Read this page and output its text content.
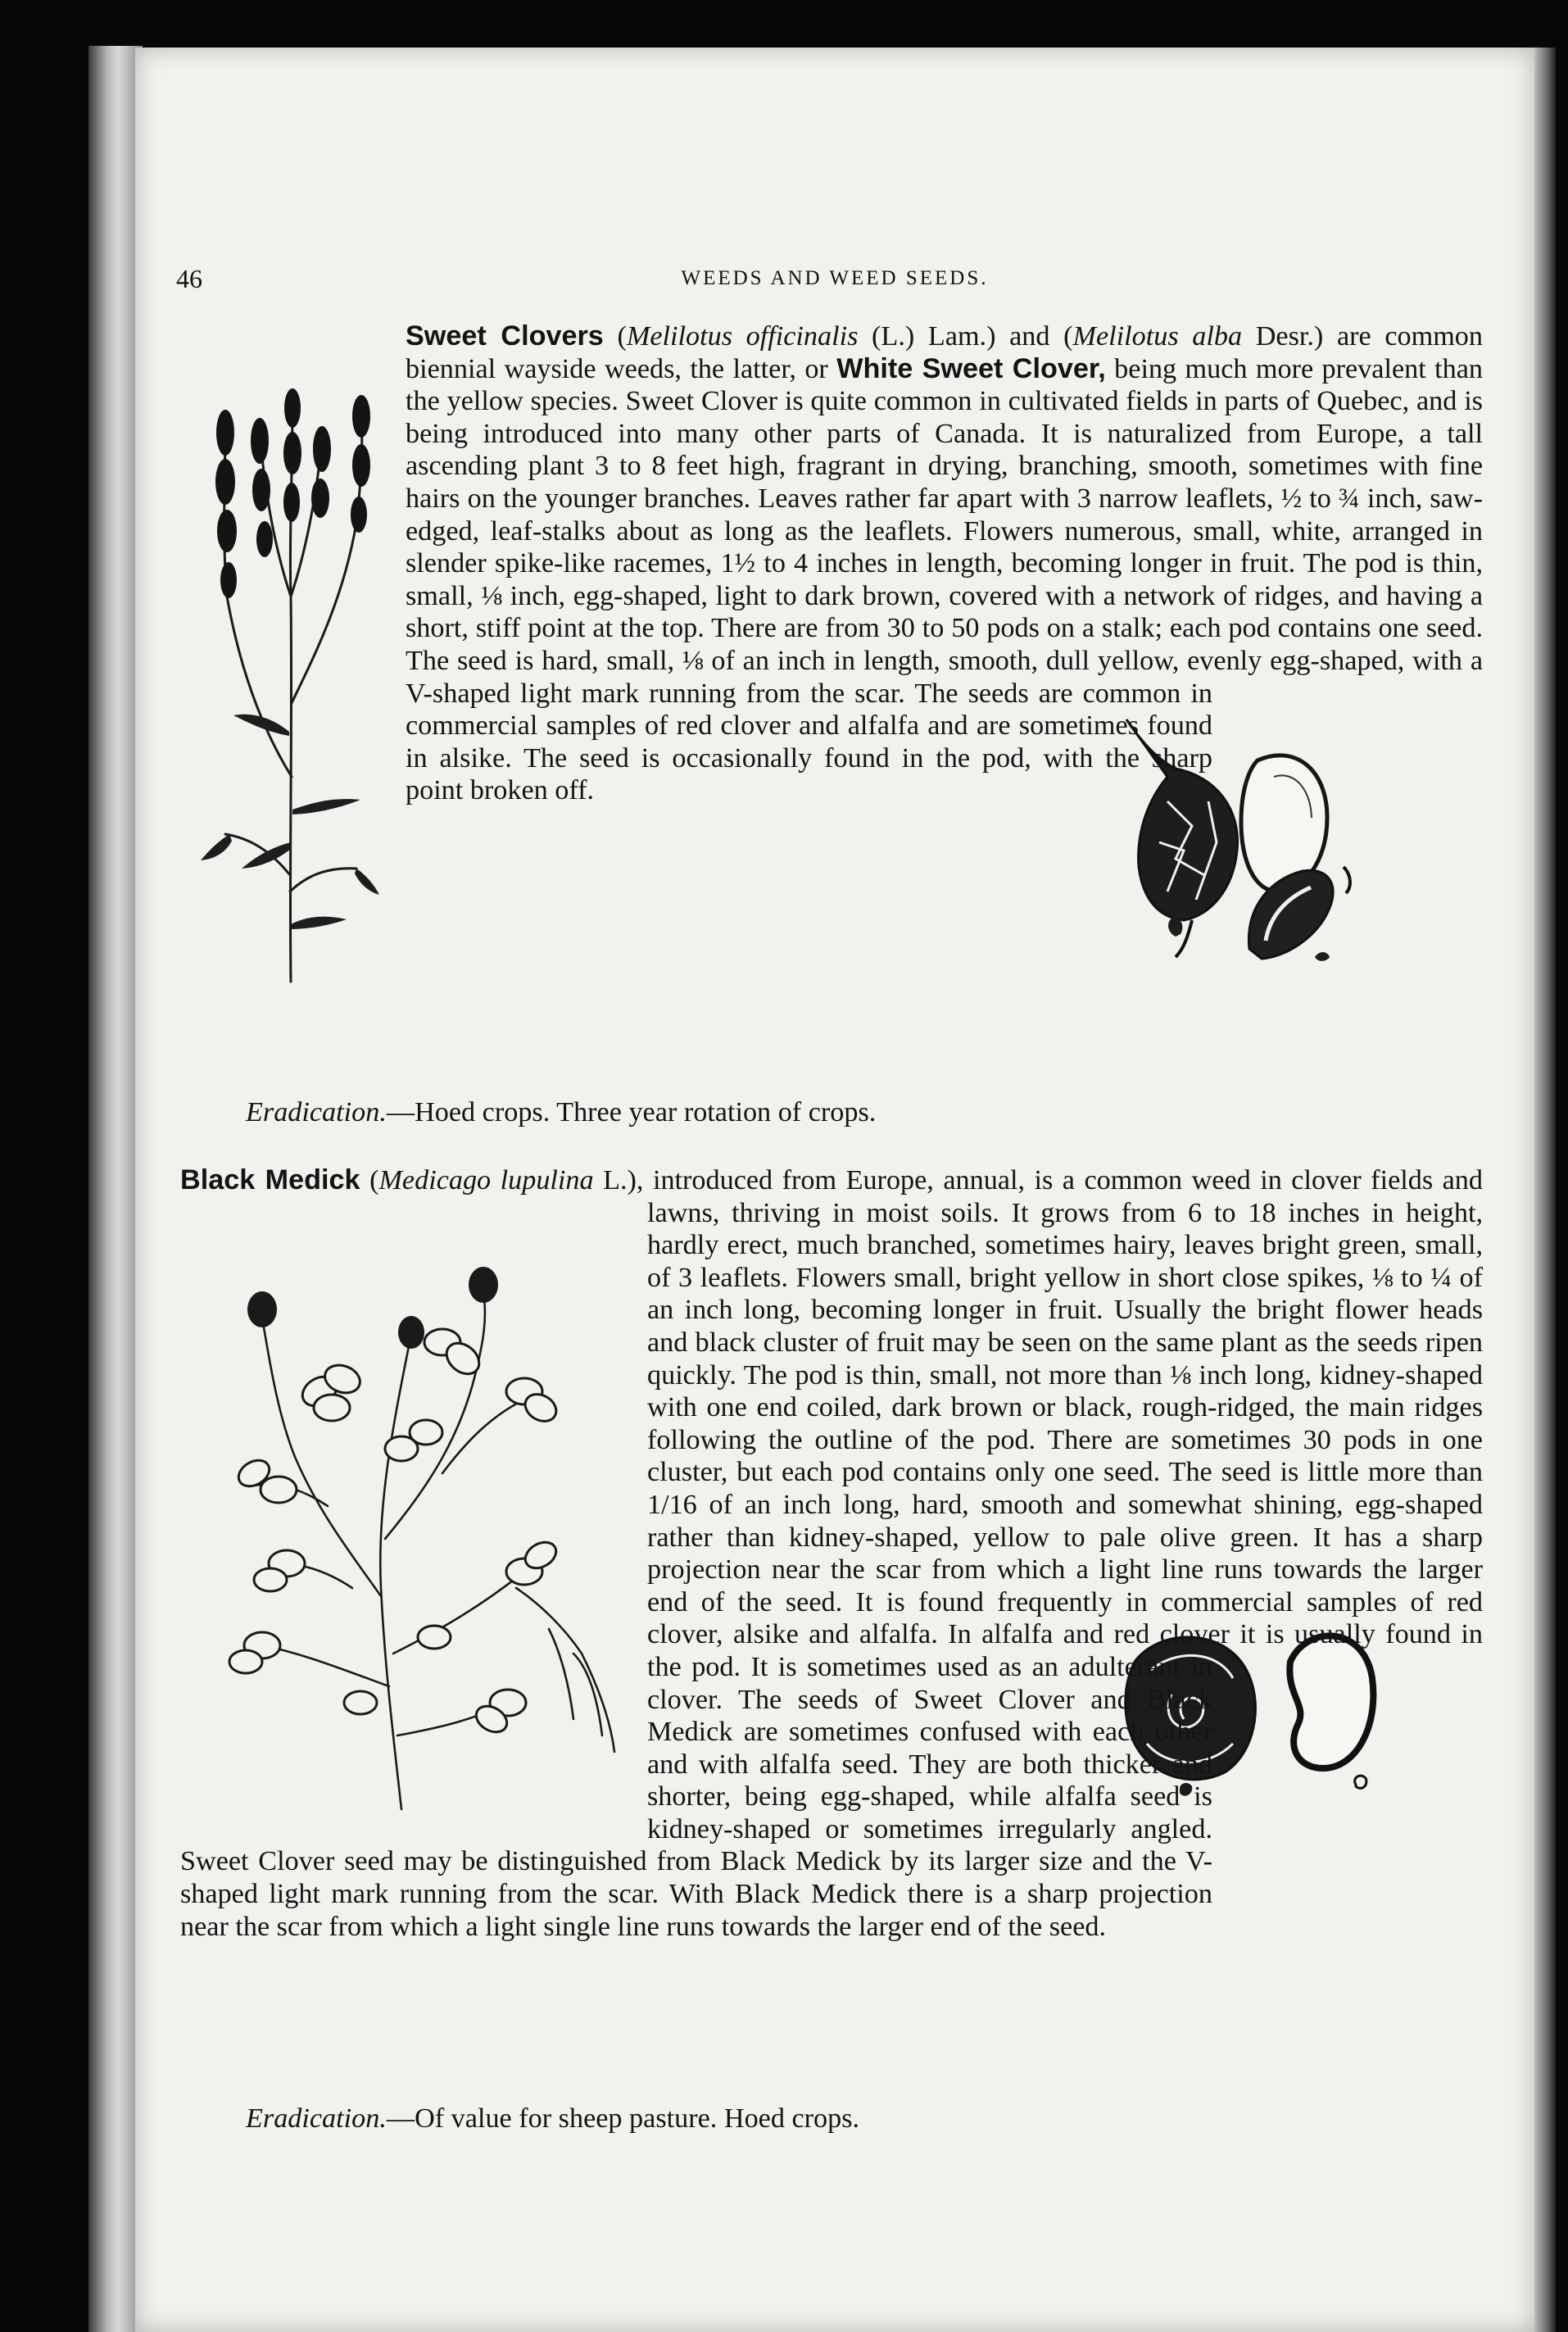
46	WEEDS AND WEED SEEDS.
Sweet Clovers (Melilotus officinalis (L.) Lam.) and (Melilotus alba Desr.) are common biennial wayside weeds, the latter, or White Sweet Clover, being much more prevalent than the yellow species. Sweet Clover is quite common in cultivated fields in parts of Quebec, and is being introduced into many other parts of Canada. It is naturalized from Europe, a tall ascending plant 3 to 8 feet high, fragrant in drying, branching, smooth, sometimes with fine hairs on the younger branches. Leaves rather far apart with 3 narrow leaflets, ½ to ¾ inch, saw-edged, leaf-stalks about as long as the leaflets. Flowers numerous, small, white, arranged in slender spike-like racemes, 1½ to 4 inches in length, becoming longer in fruit. The pod is thin, small, ⅛ inch, egg-shaped, light to dark brown, covered with a network of ridges, and having a short, stiff point at the top. There are from 30 to 50 pods on a stalk; each pod contains one seed. The seed is hard, small, ⅛ of an inch in length, smooth, dull yellow, evenly egg-shaped, with a V-shaped light mark running from the scar. The seeds are common in commercial samples of red clover and alfalfa and are sometimes found in alsike. The seed is occasionally found in the pod, with the sharp point broken off.
Eradication.—Hoed crops. Three year rotation of crops.
Black Medick (Medicago lupulina L.), introduced from Europe, annual, is a common weed in clover fields and lawns, thriving in moist soils. It grows from 6 to 18 inches in height, hardly erect, much branched, sometimes hairy, leaves bright green, small, of 3 leaflets. Flowers small, bright yellow in short close spikes, ⅛ to ¼ of an inch long, becoming longer in fruit. Usually the bright flower heads and black cluster of fruit may be seen on the same plant as the seeds ripen quickly. The pod is thin, small, not more than ⅛ inch long, kidney-shaped with one end coiled, dark brown or black, rough-ridged, the main ridges following the outline of the pod. There are sometimes 30 pods in one cluster, but each pod contains only one seed. The seed is little more than 1/16 of an inch long, hard, smooth and somewhat shining, egg-shaped rather than kidney-shaped, yellow to pale olive green. It has a sharp projection near the scar from which a light line runs towards the larger end of the seed. It is found frequently in commercial samples of red clover, alsike and alfalfa. In alfalfa and red clover it is usually found in the pod. It is sometimes used as an adulterant in clover. The seeds of Sweet Clover and Black Medick are sometimes confused with each other and with alfalfa seed. They are both thicker and shorter, being egg-shaped, while alfalfa seed is kidney-shaped or sometimes irregularly angled. Sweet Clover seed may be distinguished from Black Medick by its larger size and the V-shaped light mark running from the scar. With Black Medick there is a sharp projection near the scar from which a light single line runs towards the larger end of the seed.
Eradication.—Of value for sheep pasture. Hoed crops.
